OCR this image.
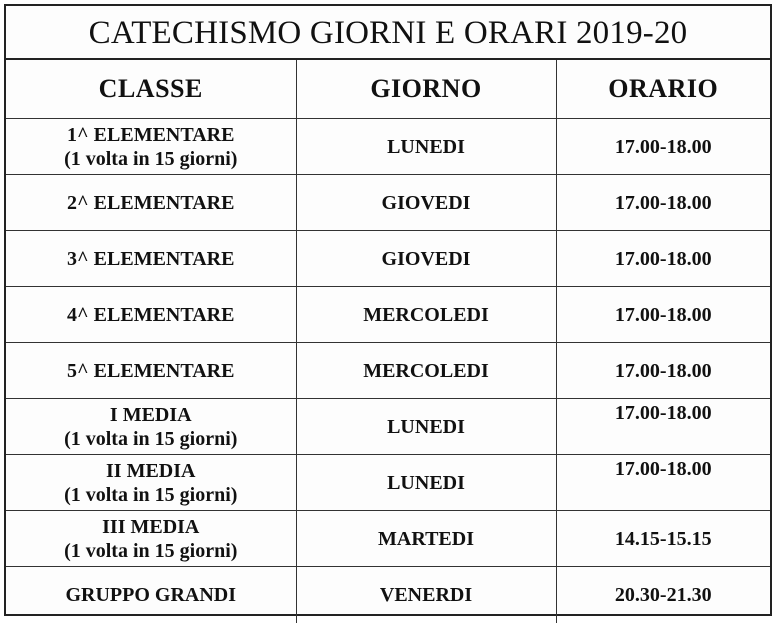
CATECHISMO GIORNI E ORARI 2019-20
CLASSE	GIORNO	ORARIO

1^ ELEMENTARE
(1 volta in 15 giorni)	LUNEDI	17.00-18.00

2^ ELEMENTARE	GIOVEDI	17.00-18.00

3^ ELEMENTARE	GIOVEDI	17.00-18.00

4^ ELEMENTARE	MERCOLEDI	17.00-18.00

5^ ELEMENTARE	MERCOLEDI	17.00-18.00

I MEDIA
(1 volta in 15 giorni)	LUNEDI	17.00-18.00

II MEDIA
(1 volta in 15 giorni)	LUNEDI	17.00-18.00

III MEDIA
(1 volta in 15 giorni)	MARTEDI	14.15-15.15

GRUPPO GRANDI	VENERDI	20.30-21.30
